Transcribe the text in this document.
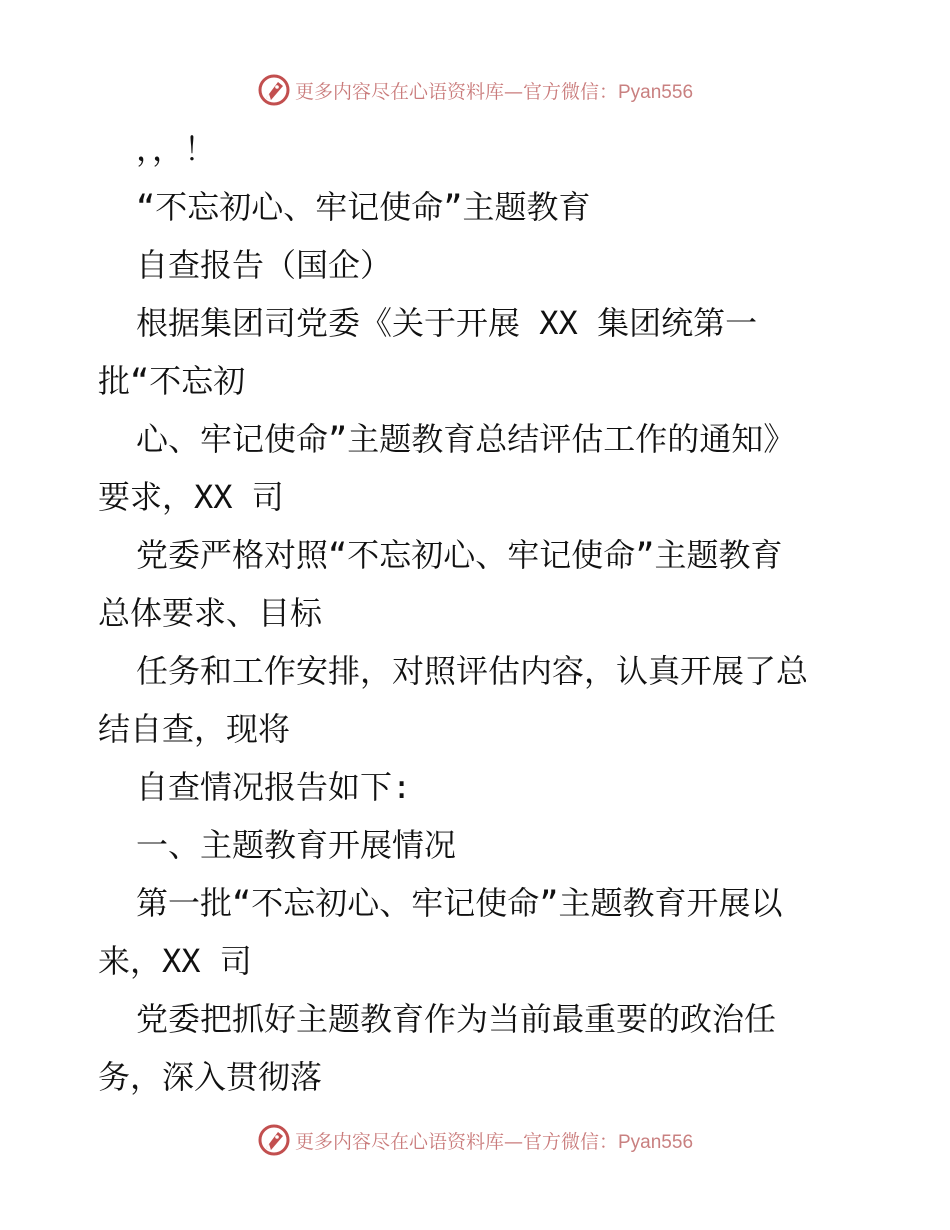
更多内容尽在心语资料库—官方微信：Pyan556
，，！
“不忘初心、牢记使命”主题教育
自查报告（国企）
根据集团司党委《关于开展 XX 集团统第一
批“不忘初
心、牢记使命”主题教育总结评估工作的通知》
要求，XX 司
党委严格对照“不忘初心、牢记使命”主题教育
总体要求、目标
任务和工作安排，对照评估内容，认真开展了总
结自查，现将
自查情况报告如下:
一、主题教育开展情况
第一批“不忘初心、牢记使命”主题教育开展以
来，XX 司
党委把抓好主题教育作为当前最重要的政治任
务，深入贯彻落
更多内容尽在心语资料库—官方微信：Pyan556
